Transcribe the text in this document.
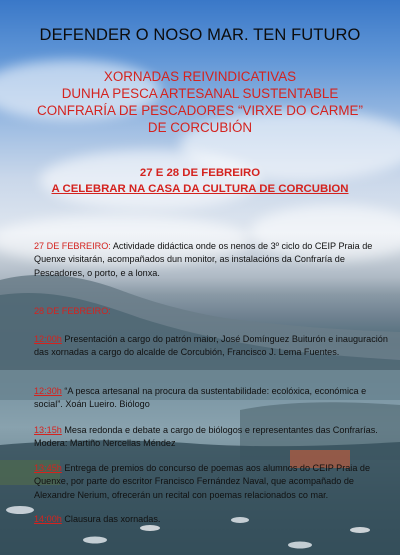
DEFENDER O NOSO MAR. TEN FUTURO
XORNADAS REIVINDICATIVAS
DUNHA PESCA ARTESANAL SUSTENTABLE
CONFRARÍA DE PESCADORES “VIRXE DO CARME”
DE CORCUBIÓN
27 E 28 DE FEBREIRO
A CELEBRAR NA CASA DA CULTURA DE CORCUBION
27 DE FEBREIRO: Actividade didáctica onde os nenos de 3º ciclo do CEIP Praia de Quenxe visitarán, acompañados dun monitor, as instalacións da Confraría de Pescadores, o porto, e a lonxa.
28 DE FEBREIRO:
12:00h Presentación a cargo do patrón maior, José Domínguez Buiturón e inauguración das xornadas a cargo do alcalde de Corcubión, Francisco J. Lema Fuentes.
12:30h “A pesca artesanal na procura da sustentabilidade: ecolóxica, económica e social”. Xoán Lueiro. Biólogo
13:15h Mesa redonda e debate a cargo de biólogos e representantes das Confrarías. Modera: Martiño Nercellas Méndez
13:45h Entrega de premios do concurso de poemas aos alumnos do CEIP Praia de Quenxe, por parte do escritor Francisco Fernández Naval, que acompañado de Alexandre Nerium, ofrecerán un recital con poemas relacionados co mar.
14:00h Clausura das xornadas.
